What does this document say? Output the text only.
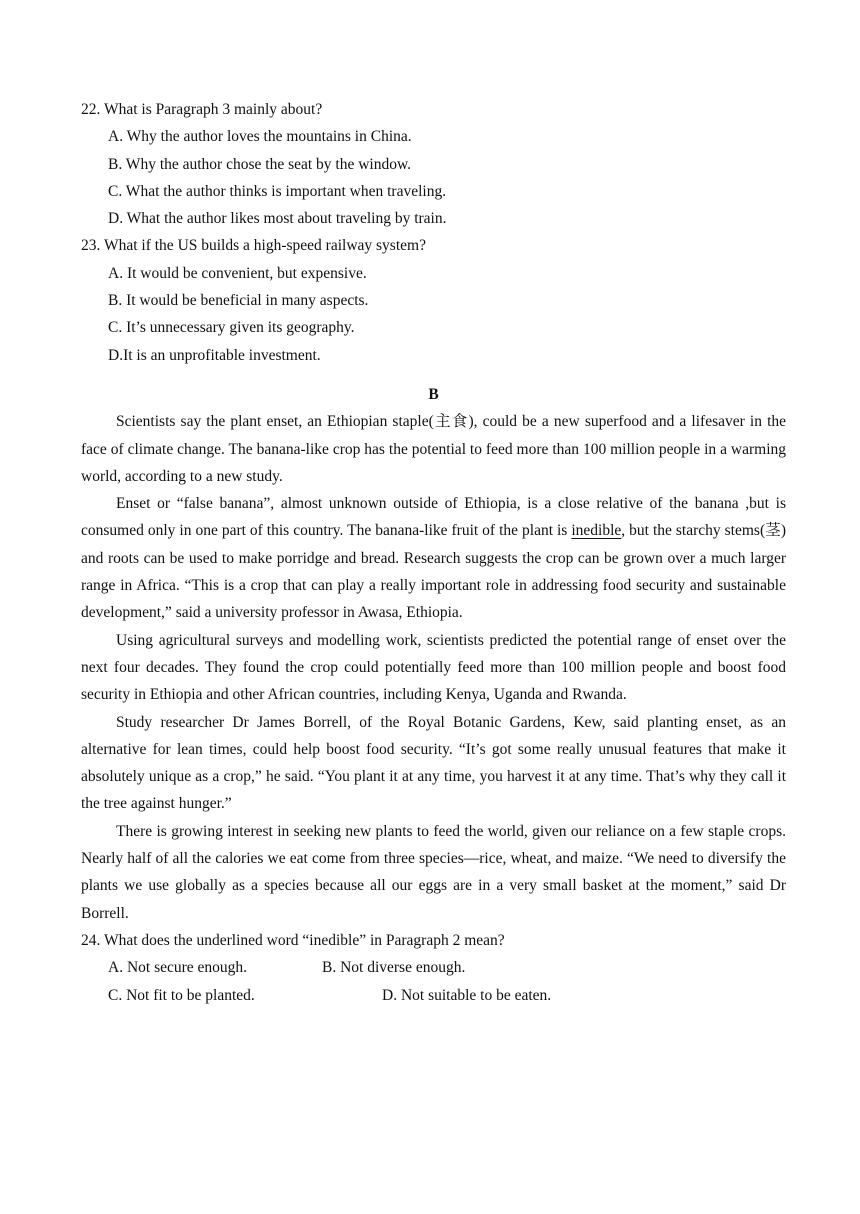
22. What is Paragraph 3 mainly about?
A. Why the author loves the mountains in China.
B. Why the author chose the seat by the window.
C. What the author thinks is important when traveling.
D. What the author likes most about traveling by train.
23. What if the US builds a high-speed railway system?
A. It would be convenient, but expensive.
B. It would be beneficial in many aspects.
C. It’s unnecessary given its geography.
D.It is an unprofitable investment.
B

Scientists say the plant enset, an Ethiopian staple(主食), could be a new superfood and a lifesaver in the face of climate change. The banana-like crop has the potential to feed more than 100 million people in a warming world, according to a new study.

Enset or “false banana”, almost unknown outside of Ethiopia, is a close relative of the banana ,but is consumed only in one part of this country. The banana-like fruit of the plant is inedible, but the starchy stems(茎) and roots can be used to make porridge and bread. Research suggests the crop can be grown over a much larger range in Africa. “This is a crop that can play a really important role in addressing food security and sustainable development,” said a university professor in Awasa, Ethiopia.

Using agricultural surveys and modelling work, scientists predicted the potential range of enset over the next four decades. They found the crop could potentially feed more than 100 million people and boost food security in Ethiopia and other African countries, including Kenya, Uganda and Rwanda.

Study researcher Dr James Borrell, of the Royal Botanic Gardens, Kew, said planting enset, as an alternative for lean times, could help boost food security. “It’s got some really unusual features that make it absolutely unique as a crop,” he said. “You plant it at any time, you harvest it at any time. That’s why they call it the tree against hunger.”

There is growing interest in seeking new plants to feed the world, given our reliance on a few staple crops. Nearly half of all the calories we eat come from three species—rice, wheat, and maize. “We need to diversify the plants we use globally as a species because all our eggs are in a very small basket at the moment,” said Dr Borrell.

24. What does the underlined word “inedible” in Paragraph 2 mean?
A. Not secure enough.	B. Not diverse enough.
C. Not fit to be planted.	D. Not suitable to be eaten.
